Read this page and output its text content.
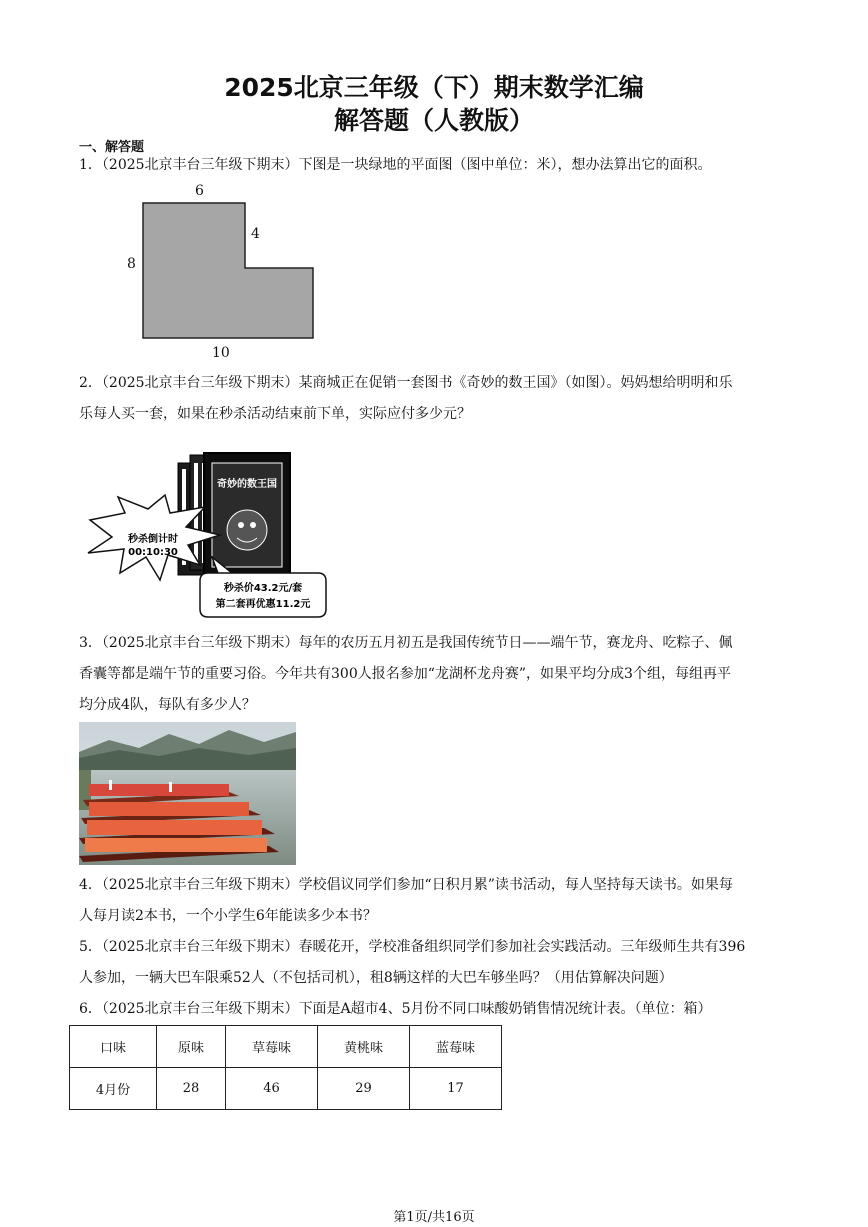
2025北京三年级（下）期末数学汇编
解答题（人教版）
一、解答题
1．（2025北京丰台三年级下期末）下图是一块绿地的平面图（图中单位：米），想办法算出它的面积。
6
4
8
10
2．（2025北京丰台三年级下期末）某商城正在促销一套图书《奇妙的数王国》（如图）。妈妈想给明明和乐
乐每人买一套，如果在秒杀活动结束前下单，实际应付多少元？
奇妙的数王国
秒杀倒计时
00:10:30
秒杀价43.2元/套
第二套再优惠11.2元
3．（2025北京丰台三年级下期末）每年的农历五月初五是我国传统节日——端午节，赛龙舟、吃粽子、佩
香囊等都是端午节的重要习俗。今年共有300人报名参加“龙湖杯龙舟赛”，如果平均分成3个组，每组再平
均分成4队，每队有多少人？
4．（2025北京丰台三年级下期末）学校倡议同学们参加“日积月累”读书活动，每人坚持每天读书。如果每
人每月读2本书，一个小学生6年能读多少本书？
5．（2025北京丰台三年级下期末）春暖花开，学校准备组织同学们参加社会实践活动。三年级师生共有396
人参加，一辆大巴车限乘52人（不包括司机），租8辆这样的大巴车够坐吗？（用估算解决问题）
6．（2025北京丰台三年级下期末）下面是A超市4、5月份不同口味酸奶销售情况统计表。（单位：箱）
口味	原味	草莓味	黄桃味	蓝莓味
4月份	28	46	29	17
第1页/共16页
